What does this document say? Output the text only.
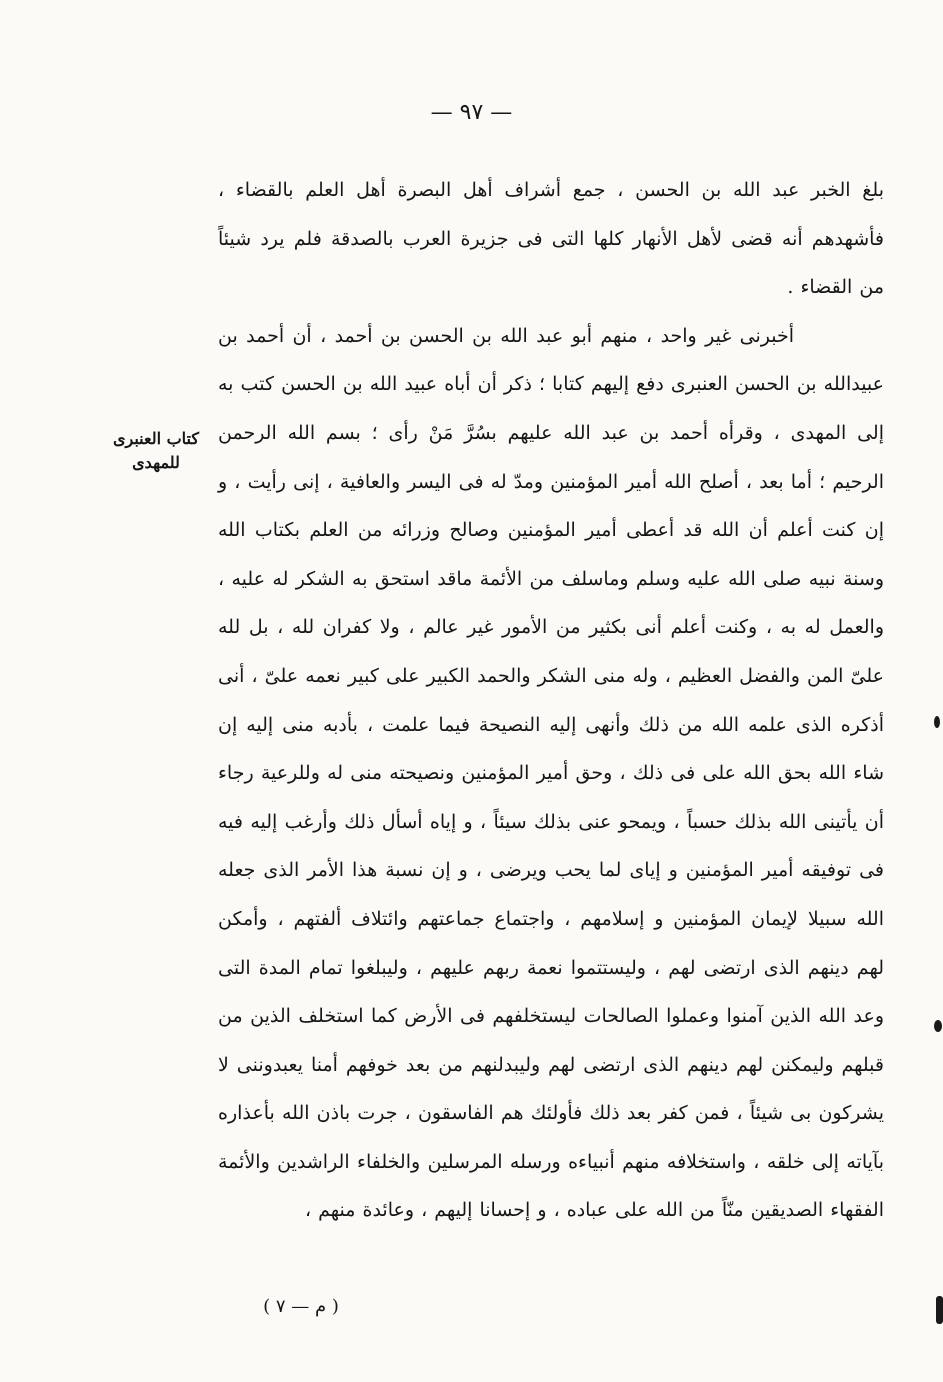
— ٩٧ —
كتاب العنبرى
للمهدى

بلغ الخبر عبد الله بن الحسن ، جمع أشراف أهل البصرة أهل العلم بالقضاء ، فأشهدهم أنه قضى لأهل الأنهار كلها التى فى جزيرة العرب بالصدقة فلم يرد شيئاً من القضاء .

أخبرنى غير واحد ، منهم أبو عبد الله بن الحسن بن أحمد ، أن أحمد بن عبيدالله بن الحسن العنبرى دفع إليهم كتابا ؛ ذكر أن أباه عبيد الله بن الحسن كتب به إلى المهدى ، وقرأه أحمد بن عبد الله عليهم بسُرَّ مَنْ رأى ؛ بسم الله الرحمن الرحيم ؛ أما بعد ، أصلح الله أمير المؤمنين ومدّ له فى اليسر والعافية ، إنى رأيت ، و إن كنت أعلم أن الله قد أعطى أمير المؤمنين وصالح وزرائه من العلم بكتاب الله وسنة نبيه صلى الله عليه وسلم وماسلف من الأئمة ماقد استحق به الشكر له عليه ، والعمل له به ، وكنت أعلم أنى بكثير من الأمور غير عالم ، ولا كفران لله ، بل لله علىّ المن والفضل العظيم ، وله منى الشكر والحمد الكبير على كبير نعمه علىّ ، أنى أذكره الذى علمه الله من ذلك وأنهى إليه النصيحة فيما علمت ، بأدبه منى إليه إن شاء الله بحق الله على فى ذلك ، وحق أمير المؤمنين ونصيحته منى له وللرعية رجاء أن يأتينى الله بذلك حسباً ، ويمحو عنى بذلك سيئاً ، و إياه أسأل ذلك وأرغب إليه فيه فى توفيقه أمير المؤمنين و إياى لما يحب ويرضى ، و إن نسبة هذا الأمر الذى جعله الله سبيلا لإيمان المؤمنين و إسلامهم ، واجتماع جماعتهم وائتلاف ألفتهم ، وأمكن لهم دينهم الذى ارتضى لهم ، وليستتموا نعمة ربهم عليهم ، وليبلغوا تمام المدة التى وعد الله الذين آمنوا وعملوا الصالحات ليستخلفهم فى الأرض كما استخلف الذين من قبلهم وليمكنن لهم دينهم الذى ارتضى لهم وليبدلنهم من بعد خوفهم أمنا يعبدوننى لا يشركون بى شيئاً ، فمن كفر بعد ذلك فأولئك هم الفاسقون ، جرت باذن الله بأعذاره بآياته إلى خلقه ، واستخلافه منهم أنبياءه ورسله المرسلين والخلفاء الراشدين والأئمة الفقهاء الصديقين منّاً من الله على عباده ، و إحسانا إليهم ، وعائدة منهم ،

( م — ٧ )
